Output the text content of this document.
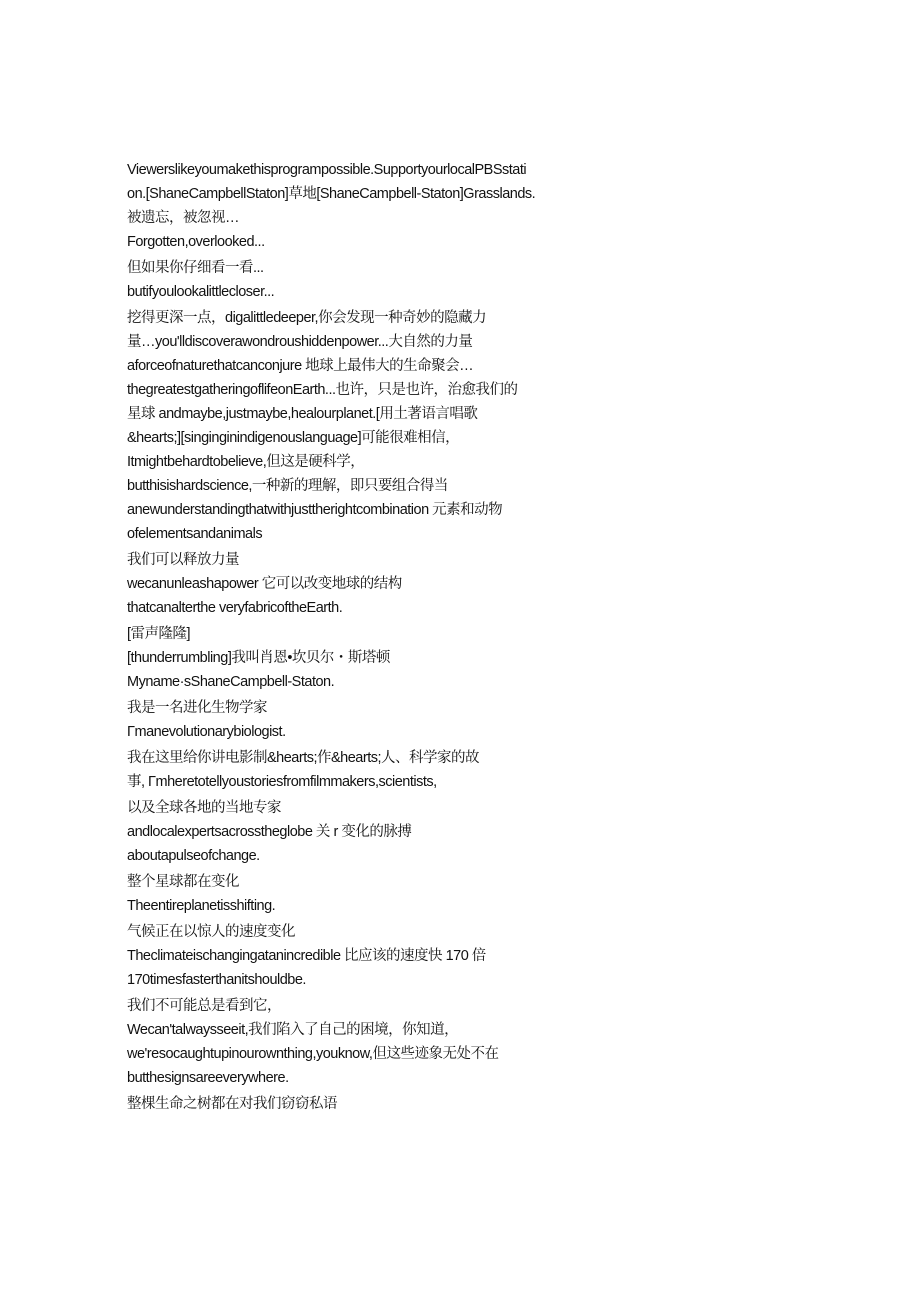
Viewerslikeyoumakethisprogrampossible.SupportyourlocalPBSstati

on.[ShaneCampbellStaton]草地[ShaneCampbell-Staton]Grasslands.

被遗忘，被忽视…

Forgotten,overlooked...

但如果你仔细看一看...

butifyoulookalittlecloser...

挖得更深一点，digalittledeeper,你会发现一种奇妙的隐藏力

量…you'lldiscoverawondroushiddenpower...大自然的力量

aforceofnaturethatcanconjure 地球上最伟大的生命聚会…

thegreatestgatheringoflifeonEarth...也许，只是也许，治愈我们的

星球 andmaybe,justmaybe,healourplanet.[用土著语言唱歌

&hearts;][singinginindigenouslanguage]可能很难相信，

Itmightbehardtobelieve,但这是硬科学，

butthisishardscience,一种新的理解，即只要组合得当

anewunderstandingthatwithjusttherightcombination 元素和动物

ofelementsandanimals

我们可以释放力量

wecanunleashapower 它可以改变地球的结构

thatcanalterthe veryfabricoftheEarth.

[雷声隆隆]

[thunderrumbling]我叫肖恩•坎贝尔・斯塔顿

Myname·sShaneCampbell-Staton.

我是一名进化生物学家

Γmanevolutionarybiologist.

我在这里给你讲电影制&hearts;作&hearts;人、科学家的故

事, Γmheretotellyoustoriesfromfilmmakers,scientists,

以及全球各地的当地专家

andlocalexpertsacrosstheglobe 关 r 变化的脉搏

aboutapulseofchange.

整个星球都在变化

Theentireplanetisshifting.

气候正在以惊人的速度变化

Theclimateischangingatanincredible 比应该的速度快 170 倍

170timesfasterthanitshouldbe.

我们不可能总是看到它，

Wecan'talwaysseeit,我们陷入了自己的困境，你知道，

we'resocaughtupinourownthing,youknow,但这些迹象无处不在

butthesignsareeverywhere.

整棵生命之树都在对我们窃窃私语
